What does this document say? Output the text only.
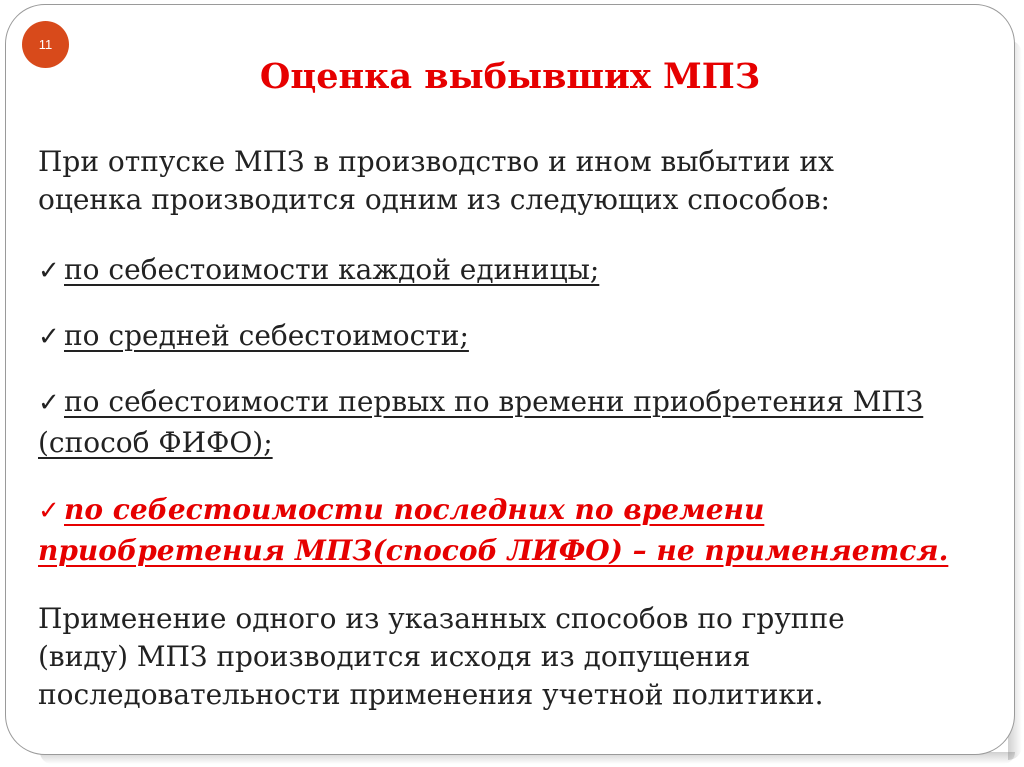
11
Оценка выбывших МПЗ
При отпуске МПЗ в производство и ином выбытии их
оценка производится одним из следующих способов:
✓ по себестоимости каждой единицы;
✓ по средней себестоимости;
✓ по себестоимости первых по времени приобретения МПЗ
(способ ФИФО);
✓ по себестоимости последних по времени
приобретения МПЗ(способ ЛИФО) – не применяется.
Применение одного из указанных способов по группе
(виду) МПЗ производится исходя из допущения
последовательности применения учетной политики.
